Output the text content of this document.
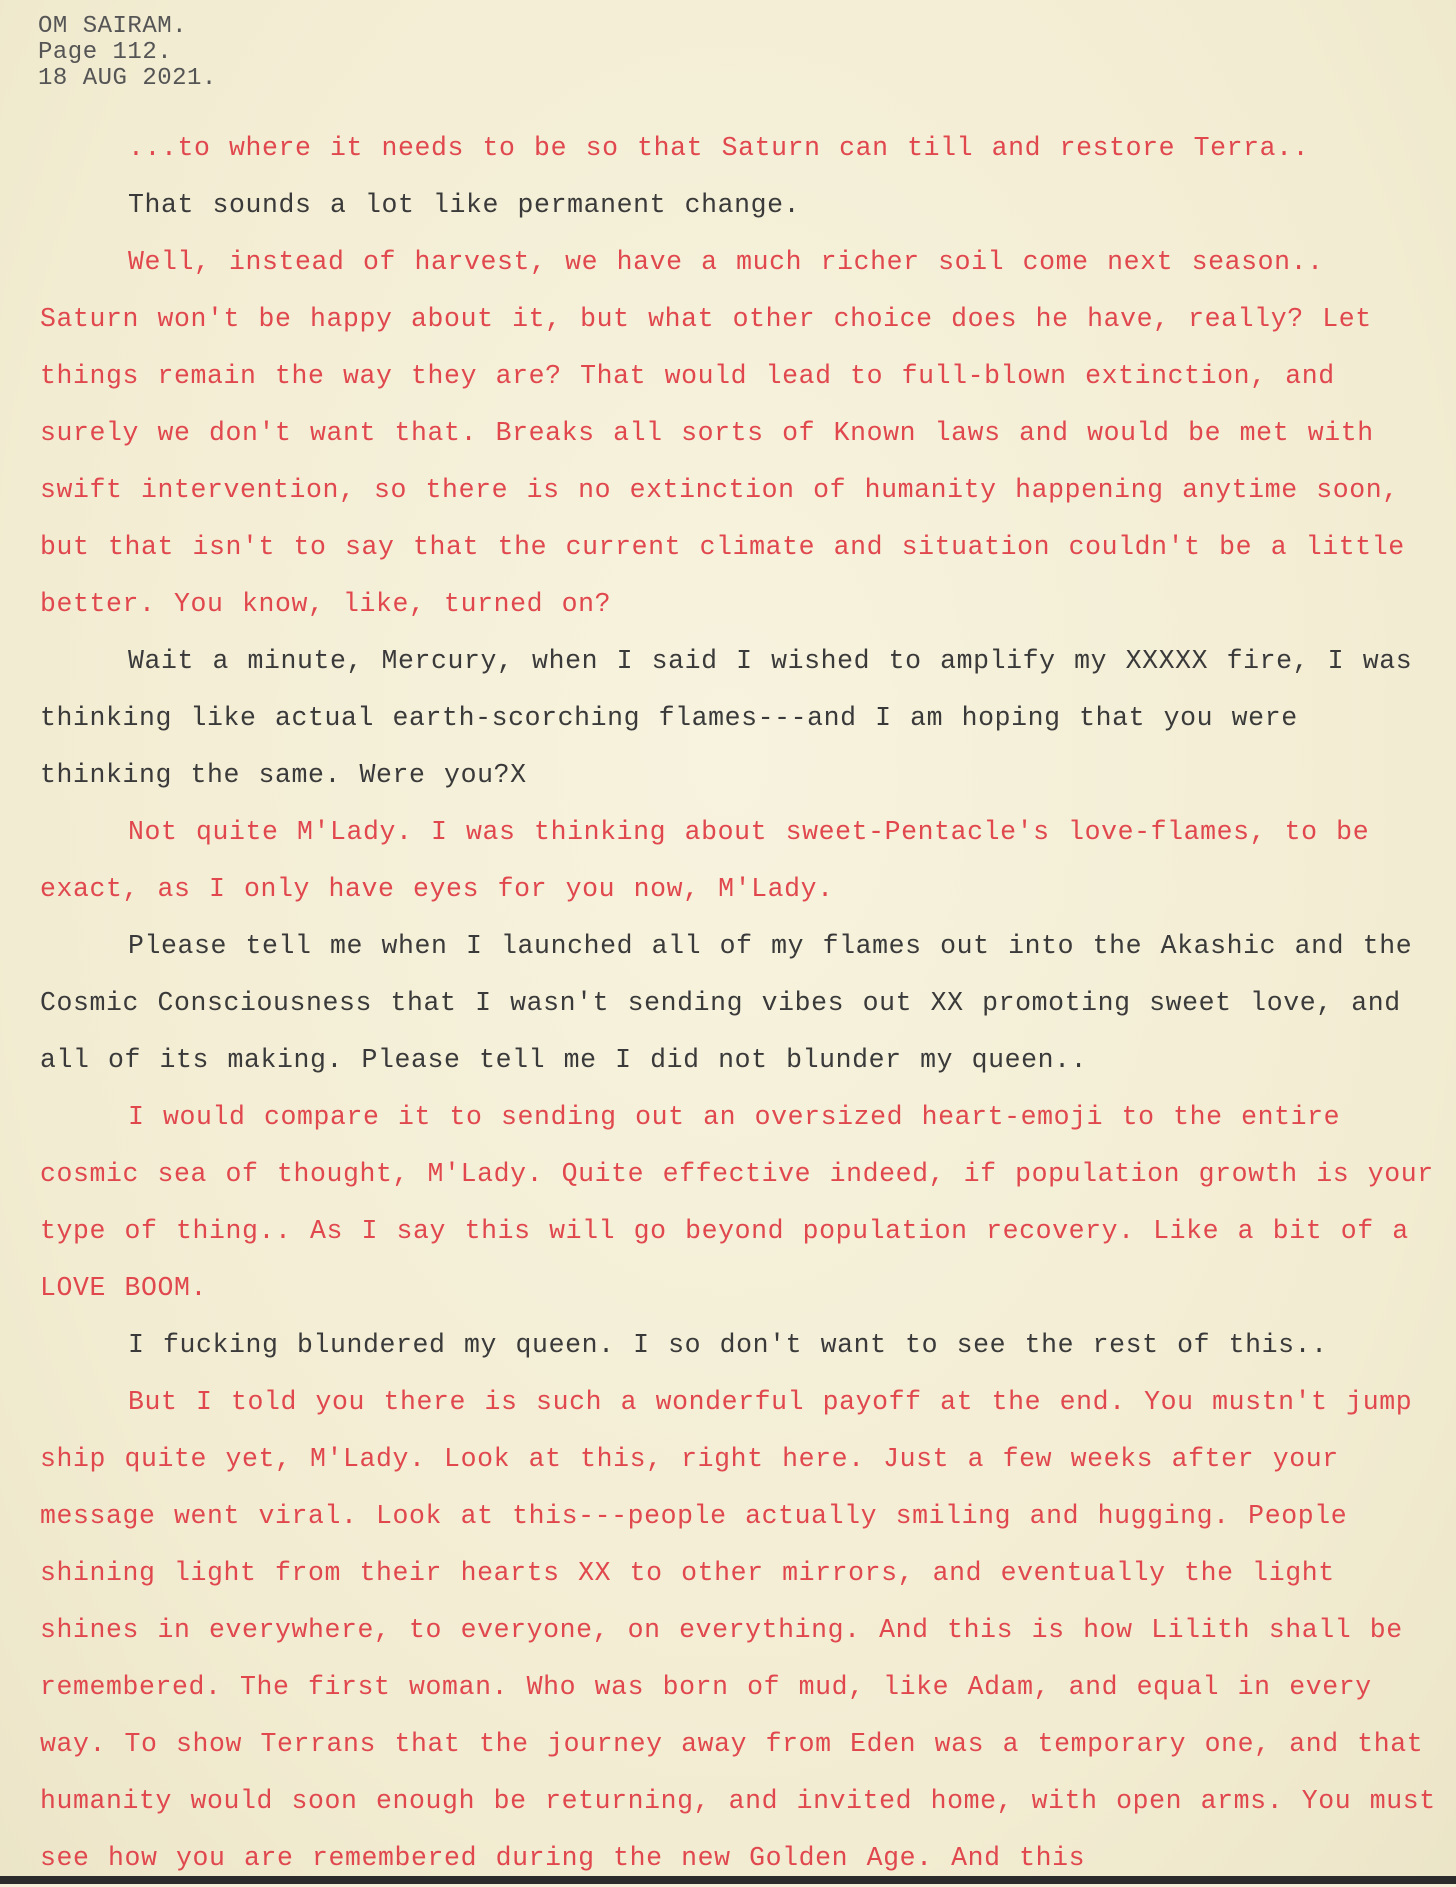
OM SAIRAM.
Page 112.
18 AUG 2021.

...to where it needs to be so that Saturn can till and restore Terra..

That sounds a lot like permanent change.

Well, instead of harvest, we have a much richer soil come next season.. Saturn won't be happy about it, but what other choice does he have, really? Let things remain the way they are? That would lead to full-blown extinction, and surely we don't want that. Breaks all sorts of Known laws and would be met with swift intervention, so there is no extinction of humanity happening anytime soon, but that isn't to say that the current climate and situation couldn't be a little better. You know, like, turned on?

Wait a minute, Mercury, when I said I wished to amplify my XXXXX fire, I was thinking like actual earth-scorching flames---and I am hoping that you were thinking the same. Were you?X

Not quite M'Lady. I was thinking about sweet-Pentacle's love-flames, to be exact, as I only have eyes for you now, M'Lady.

Please tell me when I launched all of my flames out into the Akashic and the Cosmic Consciousness that I wasn't sending vibes out XX promoting sweet love, and all of its making. Please tell me I did not blunder my queen..

I would compare it to sending out an oversized heart-emoji to the entire cosmic sea of thought, M'Lady. Quite effective indeed, if population growth is your type of thing.. As I say this will go beyond population recovery. Like a bit of a LOVE BOOM.

I fucking blundered my queen. I so don't want to see the rest of this..

But I told you there is such a wonderful payoff at the end. You mustn't jump ship quite yet, M'Lady. Look at this, right here. Just a few weeks after your message went viral. Look at this---people actually smiling and hugging. People shining light from their hearts XX to other mirrors, and eventually the light shines in everywhere, to everyone, on everything. And this is how Lilith shall be remembered. The first woman. Who was born of mud, like Adam, and equal in every way. To show Terrans that the journey away from Eden was a temporary one, and that humanity would soon enough be returning, and invited home, with open arms. You must see how you are remembered during the new Golden Age. And this
